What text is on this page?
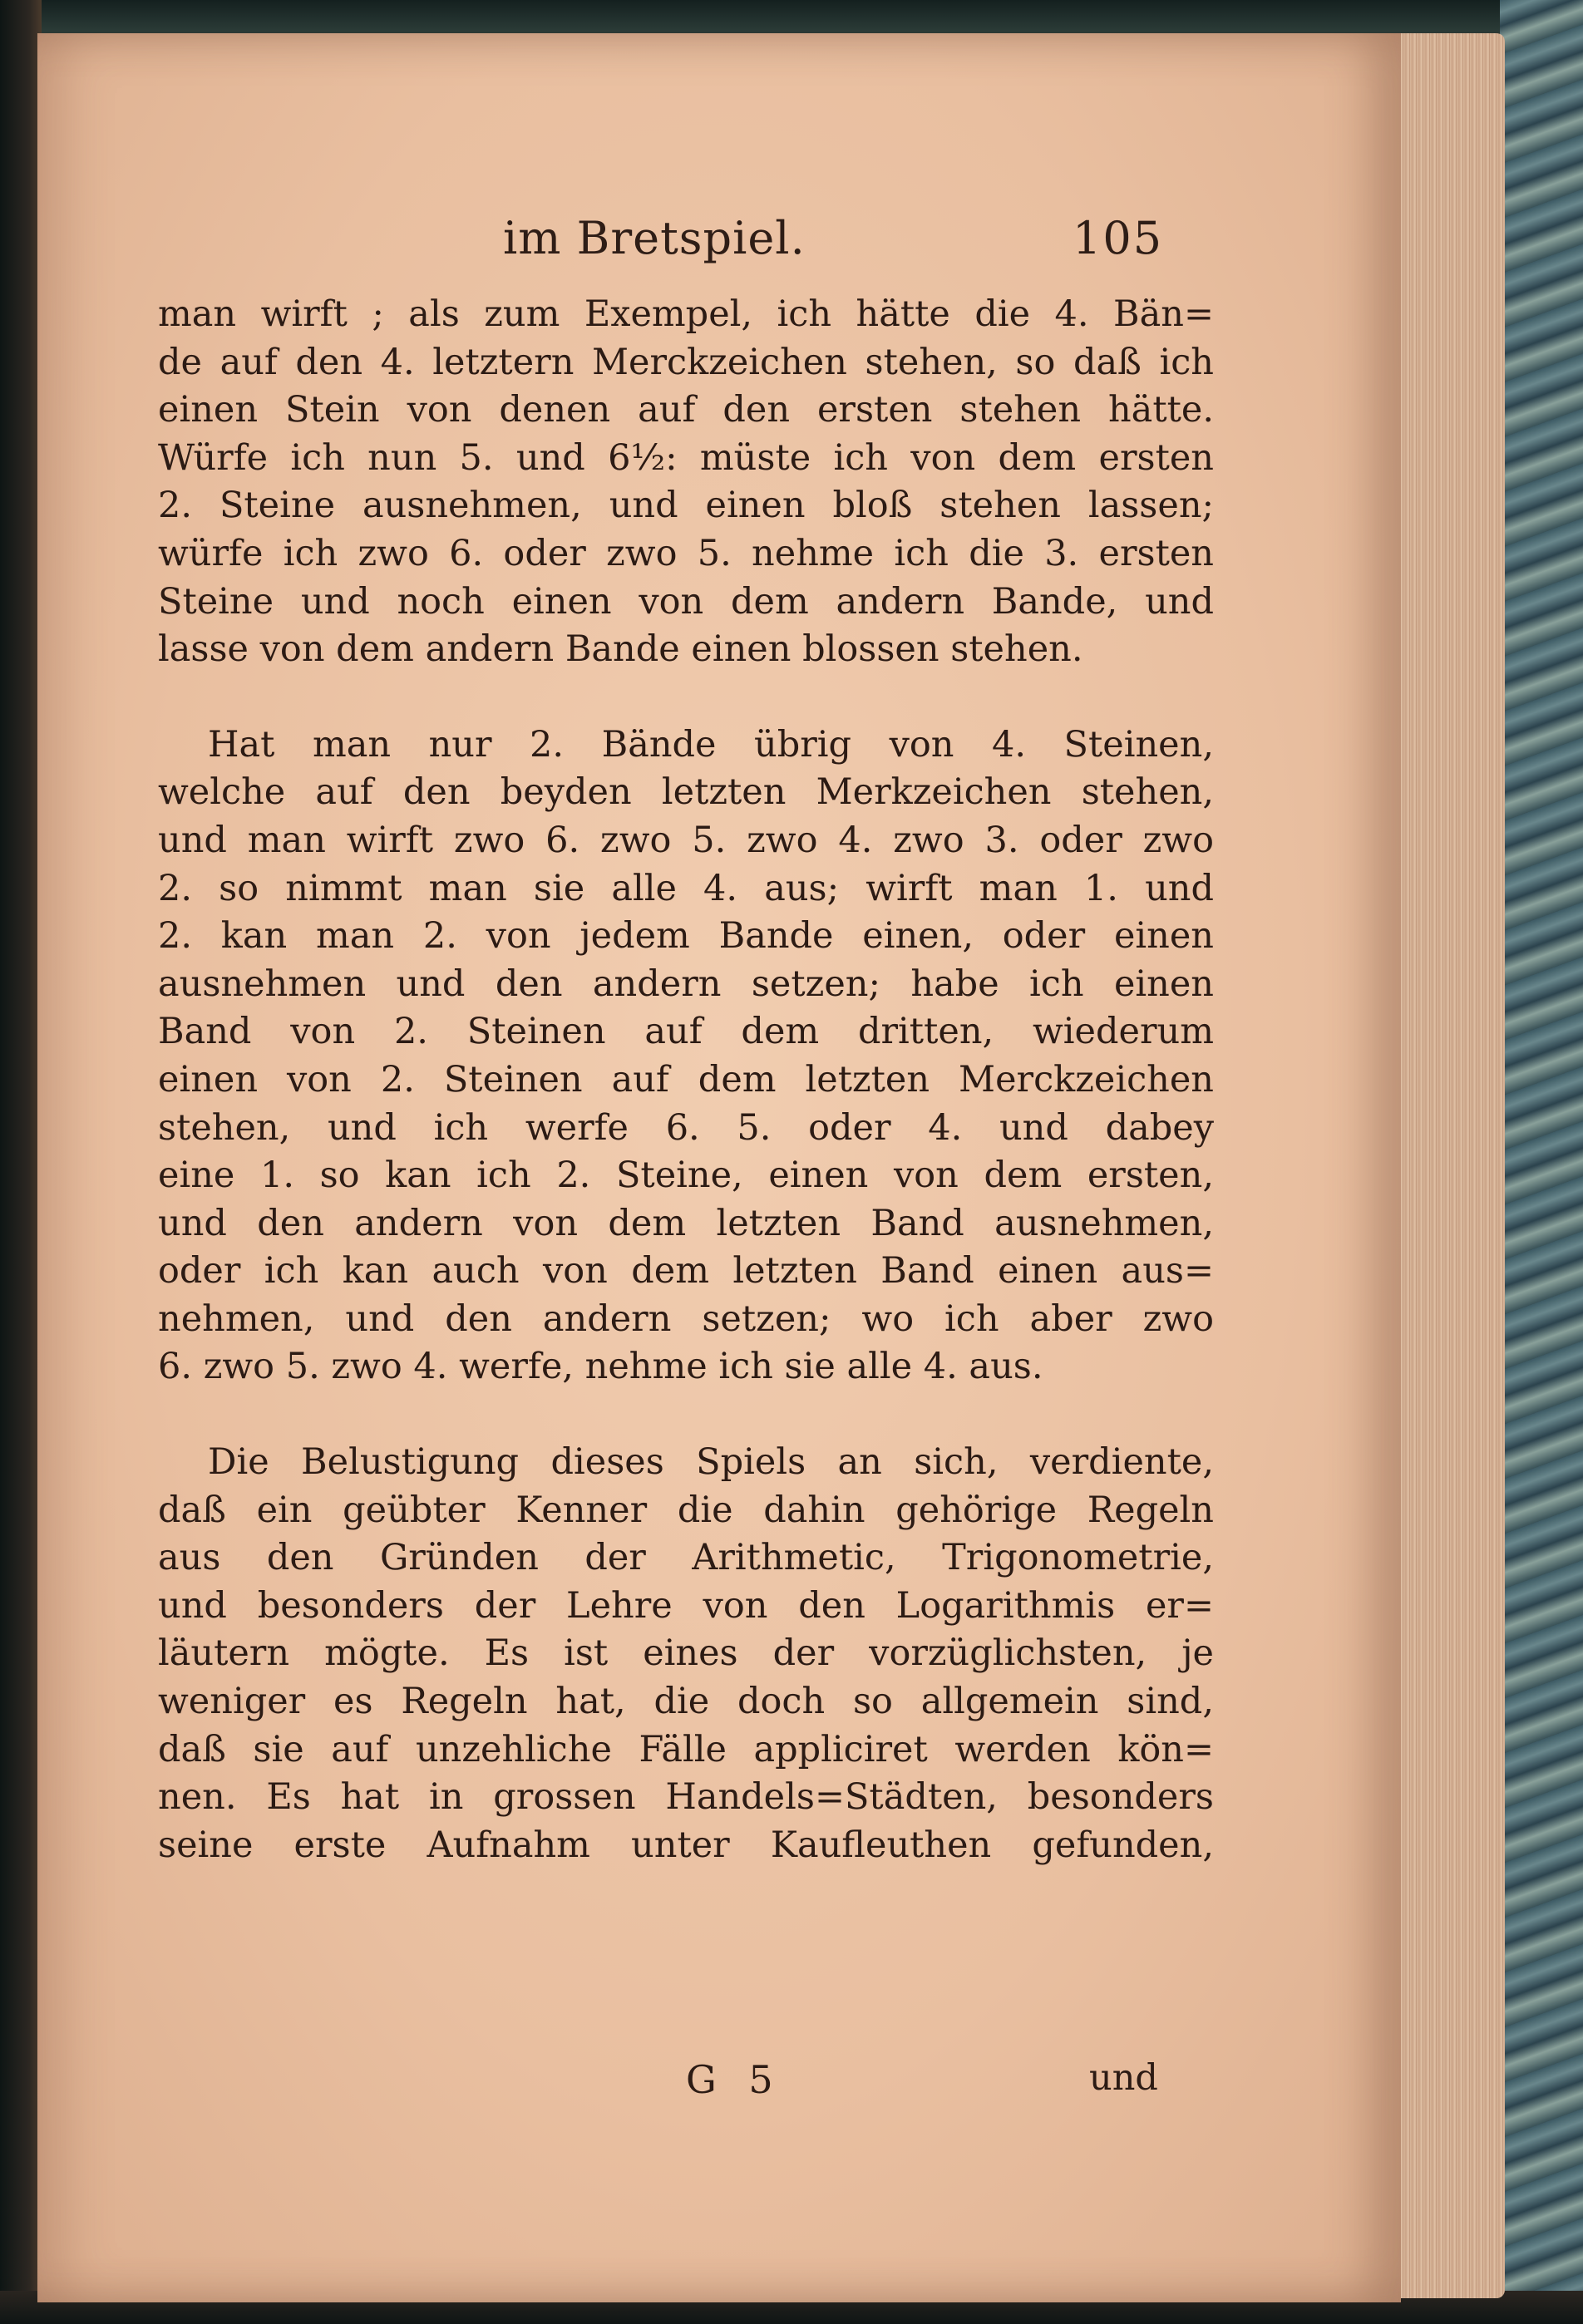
im Bretspiel.	105
man wirft ; als zum Exempel, ich hätte die 4. Bän=
de auf den 4. letztern Merckzeichen stehen, so daß ich
einen Stein von denen auf den ersten stehen hätte.
Würfe ich nun 5. und 6½: müste ich von dem ersten
2. Steine ausnehmen, und einen bloß stehen lassen;
würfe ich zwo 6. oder zwo 5. nehme ich die 3. ersten
Steine und noch einen von dem andern Bande, und
lasse von dem andern Bande einen blossen stehen.
Hat man nur 2. Bände übrig von 4. Steinen,
welche auf den beyden letzten Merkzeichen stehen,
und man wirft zwo 6. zwo 5. zwo 4. zwo 3. oder zwo
2. so nimmt man sie alle 4. aus; wirft man 1. und
2. kan man 2. von jedem Bande einen, oder einen
ausnehmen und den andern setzen; habe ich einen
Band von 2. Steinen auf dem dritten, wiederum
einen von 2. Steinen auf dem letzten Merckzeichen
stehen, und ich werfe 6. 5. oder 4. und dabey
eine 1. so kan ich 2. Steine, einen von dem ersten,
und den andern von dem letzten Band ausnehmen,
oder ich kan auch von dem letzten Band einen aus=
nehmen, und den andern setzen; wo ich aber zwo
6. zwo 5. zwo 4. werfe, nehme ich sie alle 4. aus.
Die Belustigung dieses Spiels an sich, verdiente,
daß ein geübter Kenner die dahin gehörige Regeln
aus den Gründen der Arithmetic, Trigonometrie,
und besonders der Lehre von den Logarithmis er=
läutern mögte. Es ist eines der vorzüglichsten, je
weniger es Regeln hat, die doch so allgemein sind,
daß sie auf unzehliche Fälle appliciret werden kön=
nen. Es hat in grossen Handels=Städten, besonders
seine erste Aufnahm unter Kaufleuthen gefunden,
G 5	und
